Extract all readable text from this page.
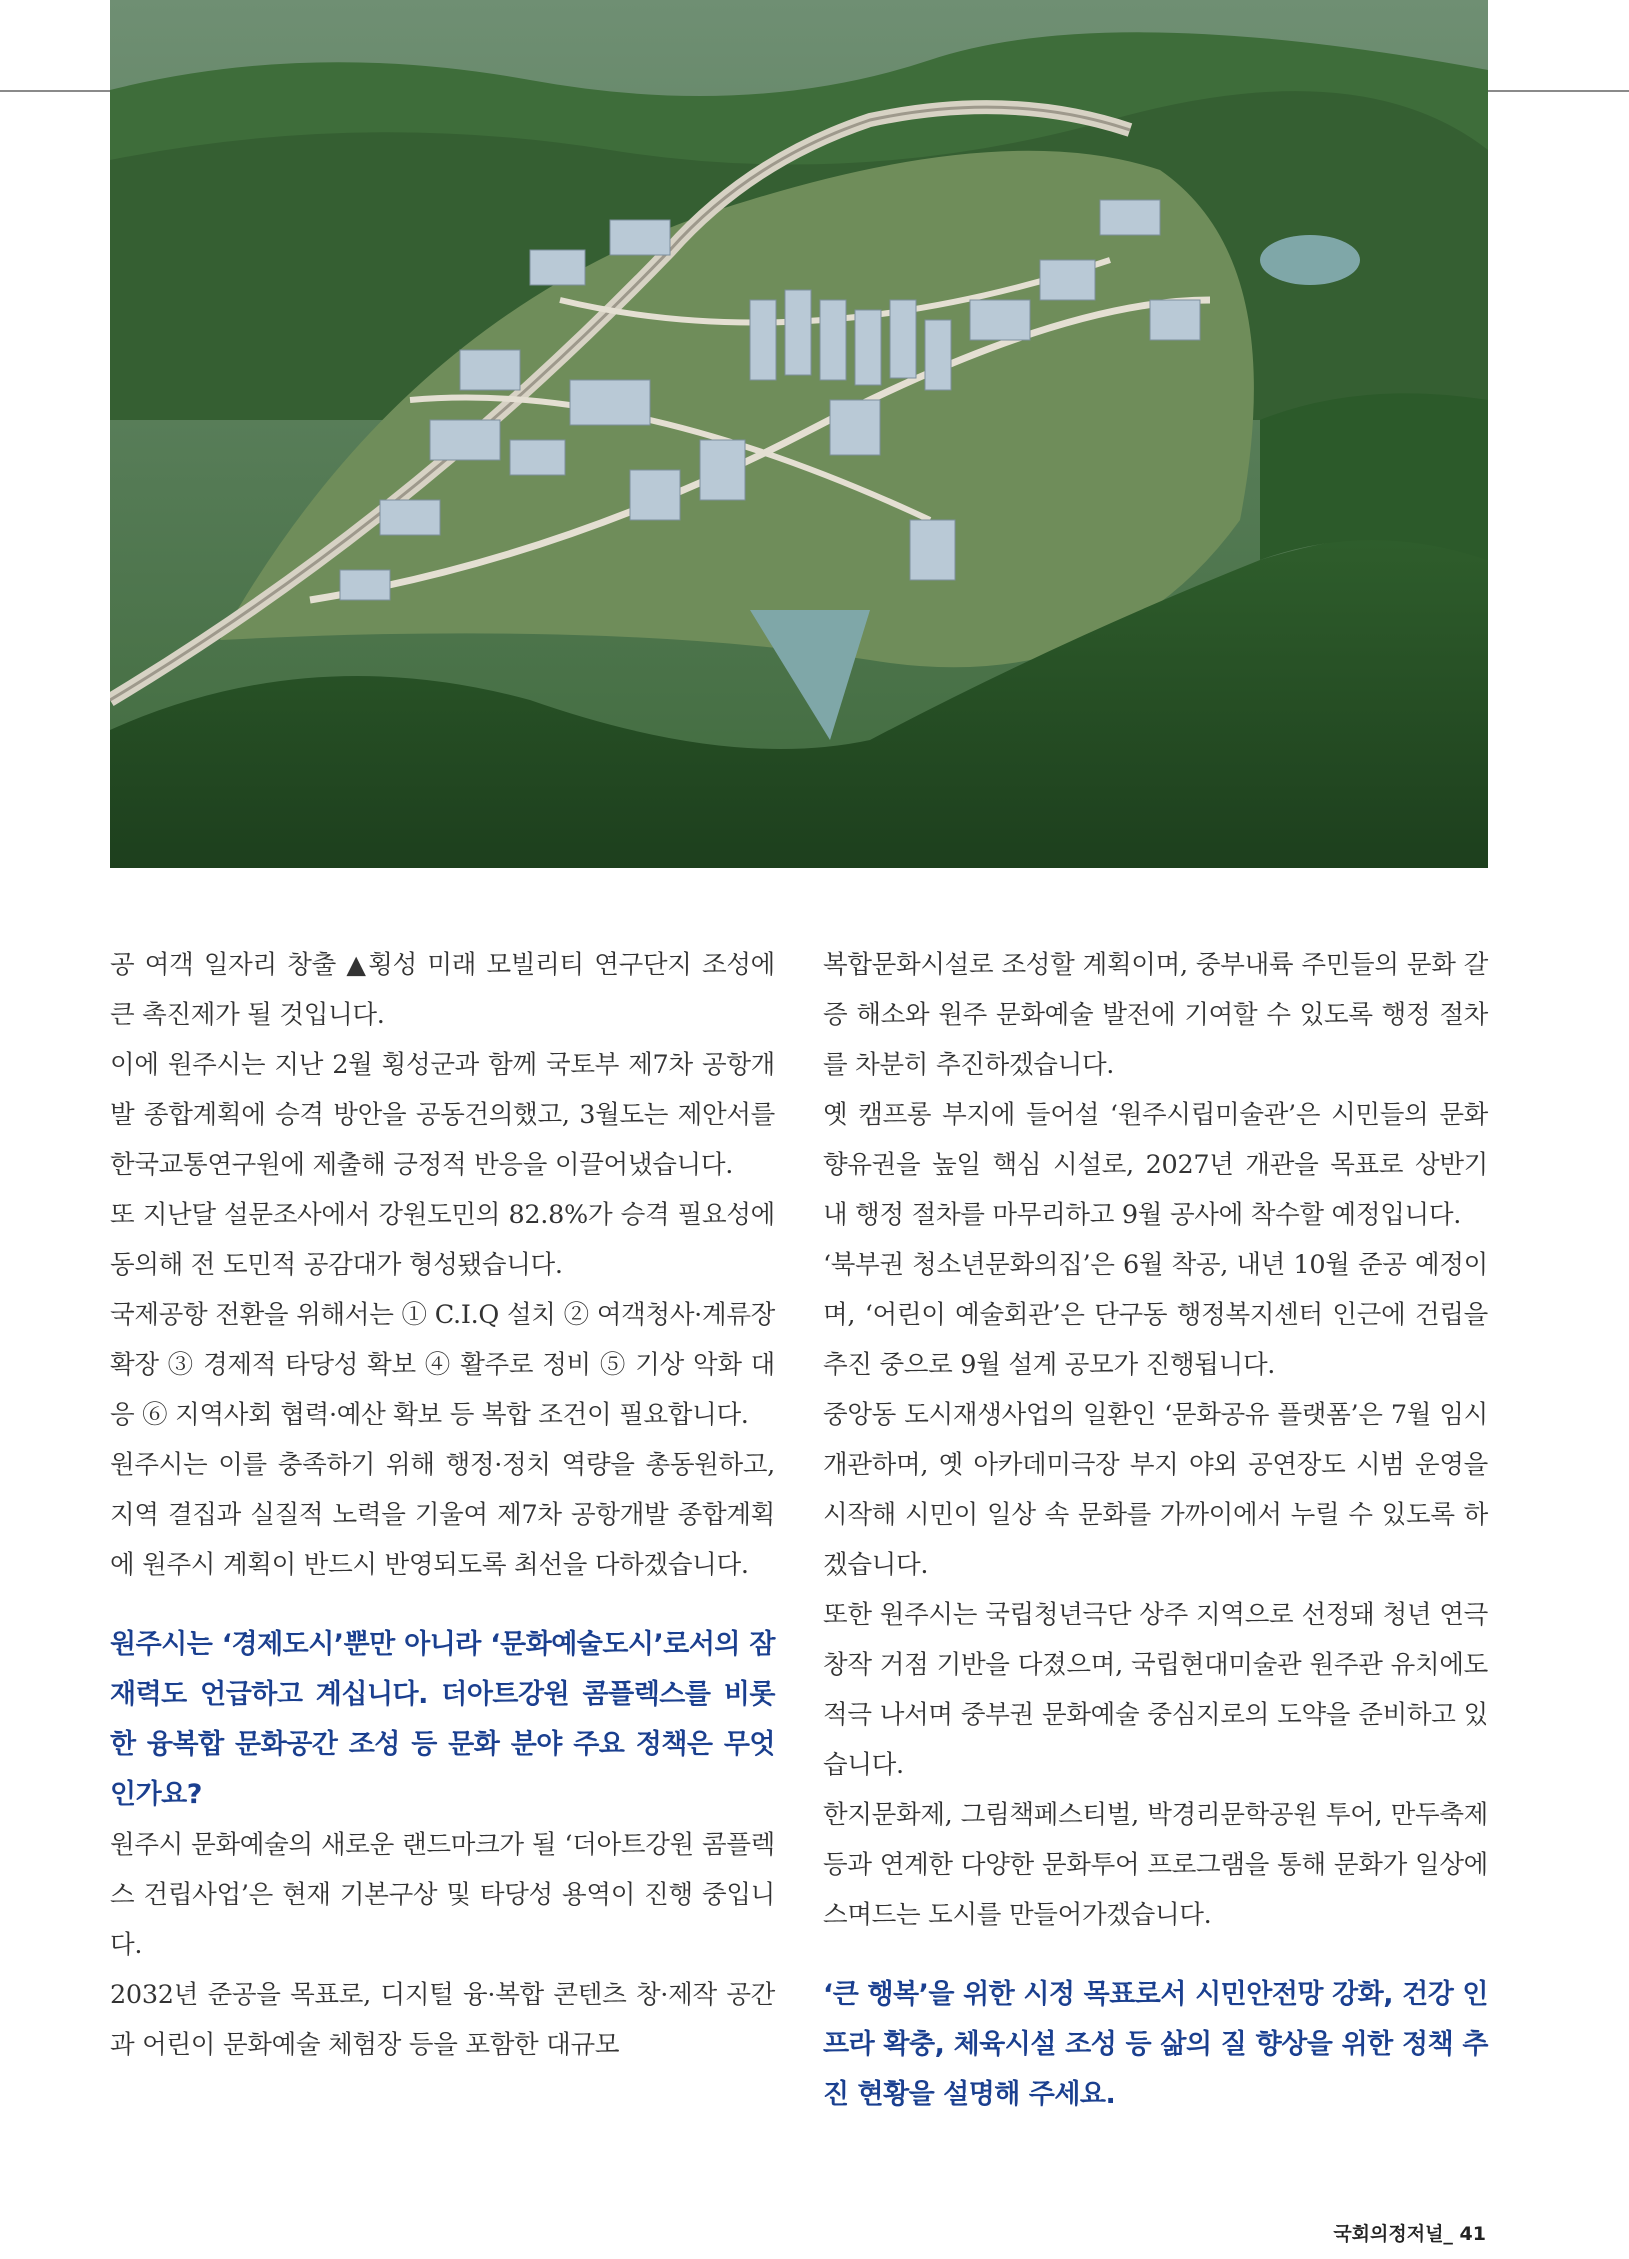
공 여객 일자리 창출 ▲횡성 미래 모빌리티 연구단지 조성에 큰 촉진제가 될 것입니다.

이에 원주시는 지난 2월 횡성군과 함께 국토부 제7차 공항개발 종합계획에 승격 방안을 공동건의했고, 3월도는 제안서를 한국교통연구원에 제출해 긍정적 반응을 이끌어냈습니다.

또 지난달 설문조사에서 강원도민의 82.8%가 승격 필요성에 동의해 전 도민적 공감대가 형성됐습니다.

국제공항 전환을 위해서는 ① C.I.Q 설치 ② 여객청사·계류장 확장 ③ 경제적 타당성 확보 ④ 활주로 정비 ⑤ 기상 악화 대응 ⑥ 지역사회 협력·예산 확보 등 복합 조건이 필요합니다.

원주시는 이를 충족하기 위해 행정·정치 역량을 총동원하고, 지역 결집과 실질적 노력을 기울여 제7차 공항개발 종합계획에 원주시 계획이 반드시 반영되도록 최선을 다하겠습니다.

원주시는 ‘경제도시’뿐만 아니라 ‘문화예술도시’로서의 잠재력도 언급하고 계십니다. 더아트강원 콤플렉스를 비롯한 융복합 문화공간 조성 등 문화 분야 주요 정책은 무엇인가요?

원주시 문화예술의 새로운 랜드마크가 될 ‘더아트강원 콤플렉스 건립사업’은 현재 기본구상 및 타당성 용역이 진행 중입니다.

2032년 준공을 목표로, 디지털 융·복합 콘텐츠 창·제작 공간과 어린이 문화예술 체험장 등을 포함한 대규모

복합문화시설로 조성할 계획이며, 중부내륙 주민들의 문화 갈증 해소와 원주 문화예술 발전에 기여할 수 있도록 행정 절차를 차분히 추진하겠습니다.

옛 캠프롱 부지에 들어설 ‘원주시립미술관’은 시민들의 문화 향유권을 높일 핵심 시설로, 2027년 개관을 목표로 상반기 내 행정 절차를 마무리하고 9월 공사에 착수할 예정입니다.

‘북부권 청소년문화의집’은 6월 착공, 내년 10월 준공 예정이며, ‘어린이 예술회관’은 단구동 행정복지센터 인근에 건립을 추진 중으로 9월 설계 공모가 진행됩니다.

중앙동 도시재생사업의 일환인 ‘문화공유 플랫폼’은 7월 임시 개관하며, 옛 아카데미극장 부지 야외 공연장도 시범 운영을 시작해 시민이 일상 속 문화를 가까이에서 누릴 수 있도록 하겠습니다.

또한 원주시는 국립청년극단 상주 지역으로 선정돼 청년 연극 창작 거점 기반을 다졌으며, 국립현대미술관 원주관 유치에도 적극 나서며 중부권 문화예술 중심지로의 도약을 준비하고 있습니다.

한지문화제, 그림책페스티벌, 박경리문학공원 투어, 만두축제 등과 연계한 다양한 문화투어 프로그램을 통해 문화가 일상에 스며드는 도시를 만들어가겠습니다.

‘큰 행복’을 위한 시정 목표로서 시민안전망 강화, 건강 인프라 확충, 체육시설 조성 등 삶의 질 향상을 위한 정책 추진 현황을 설명해 주세요.

국회의정저널_ 41
